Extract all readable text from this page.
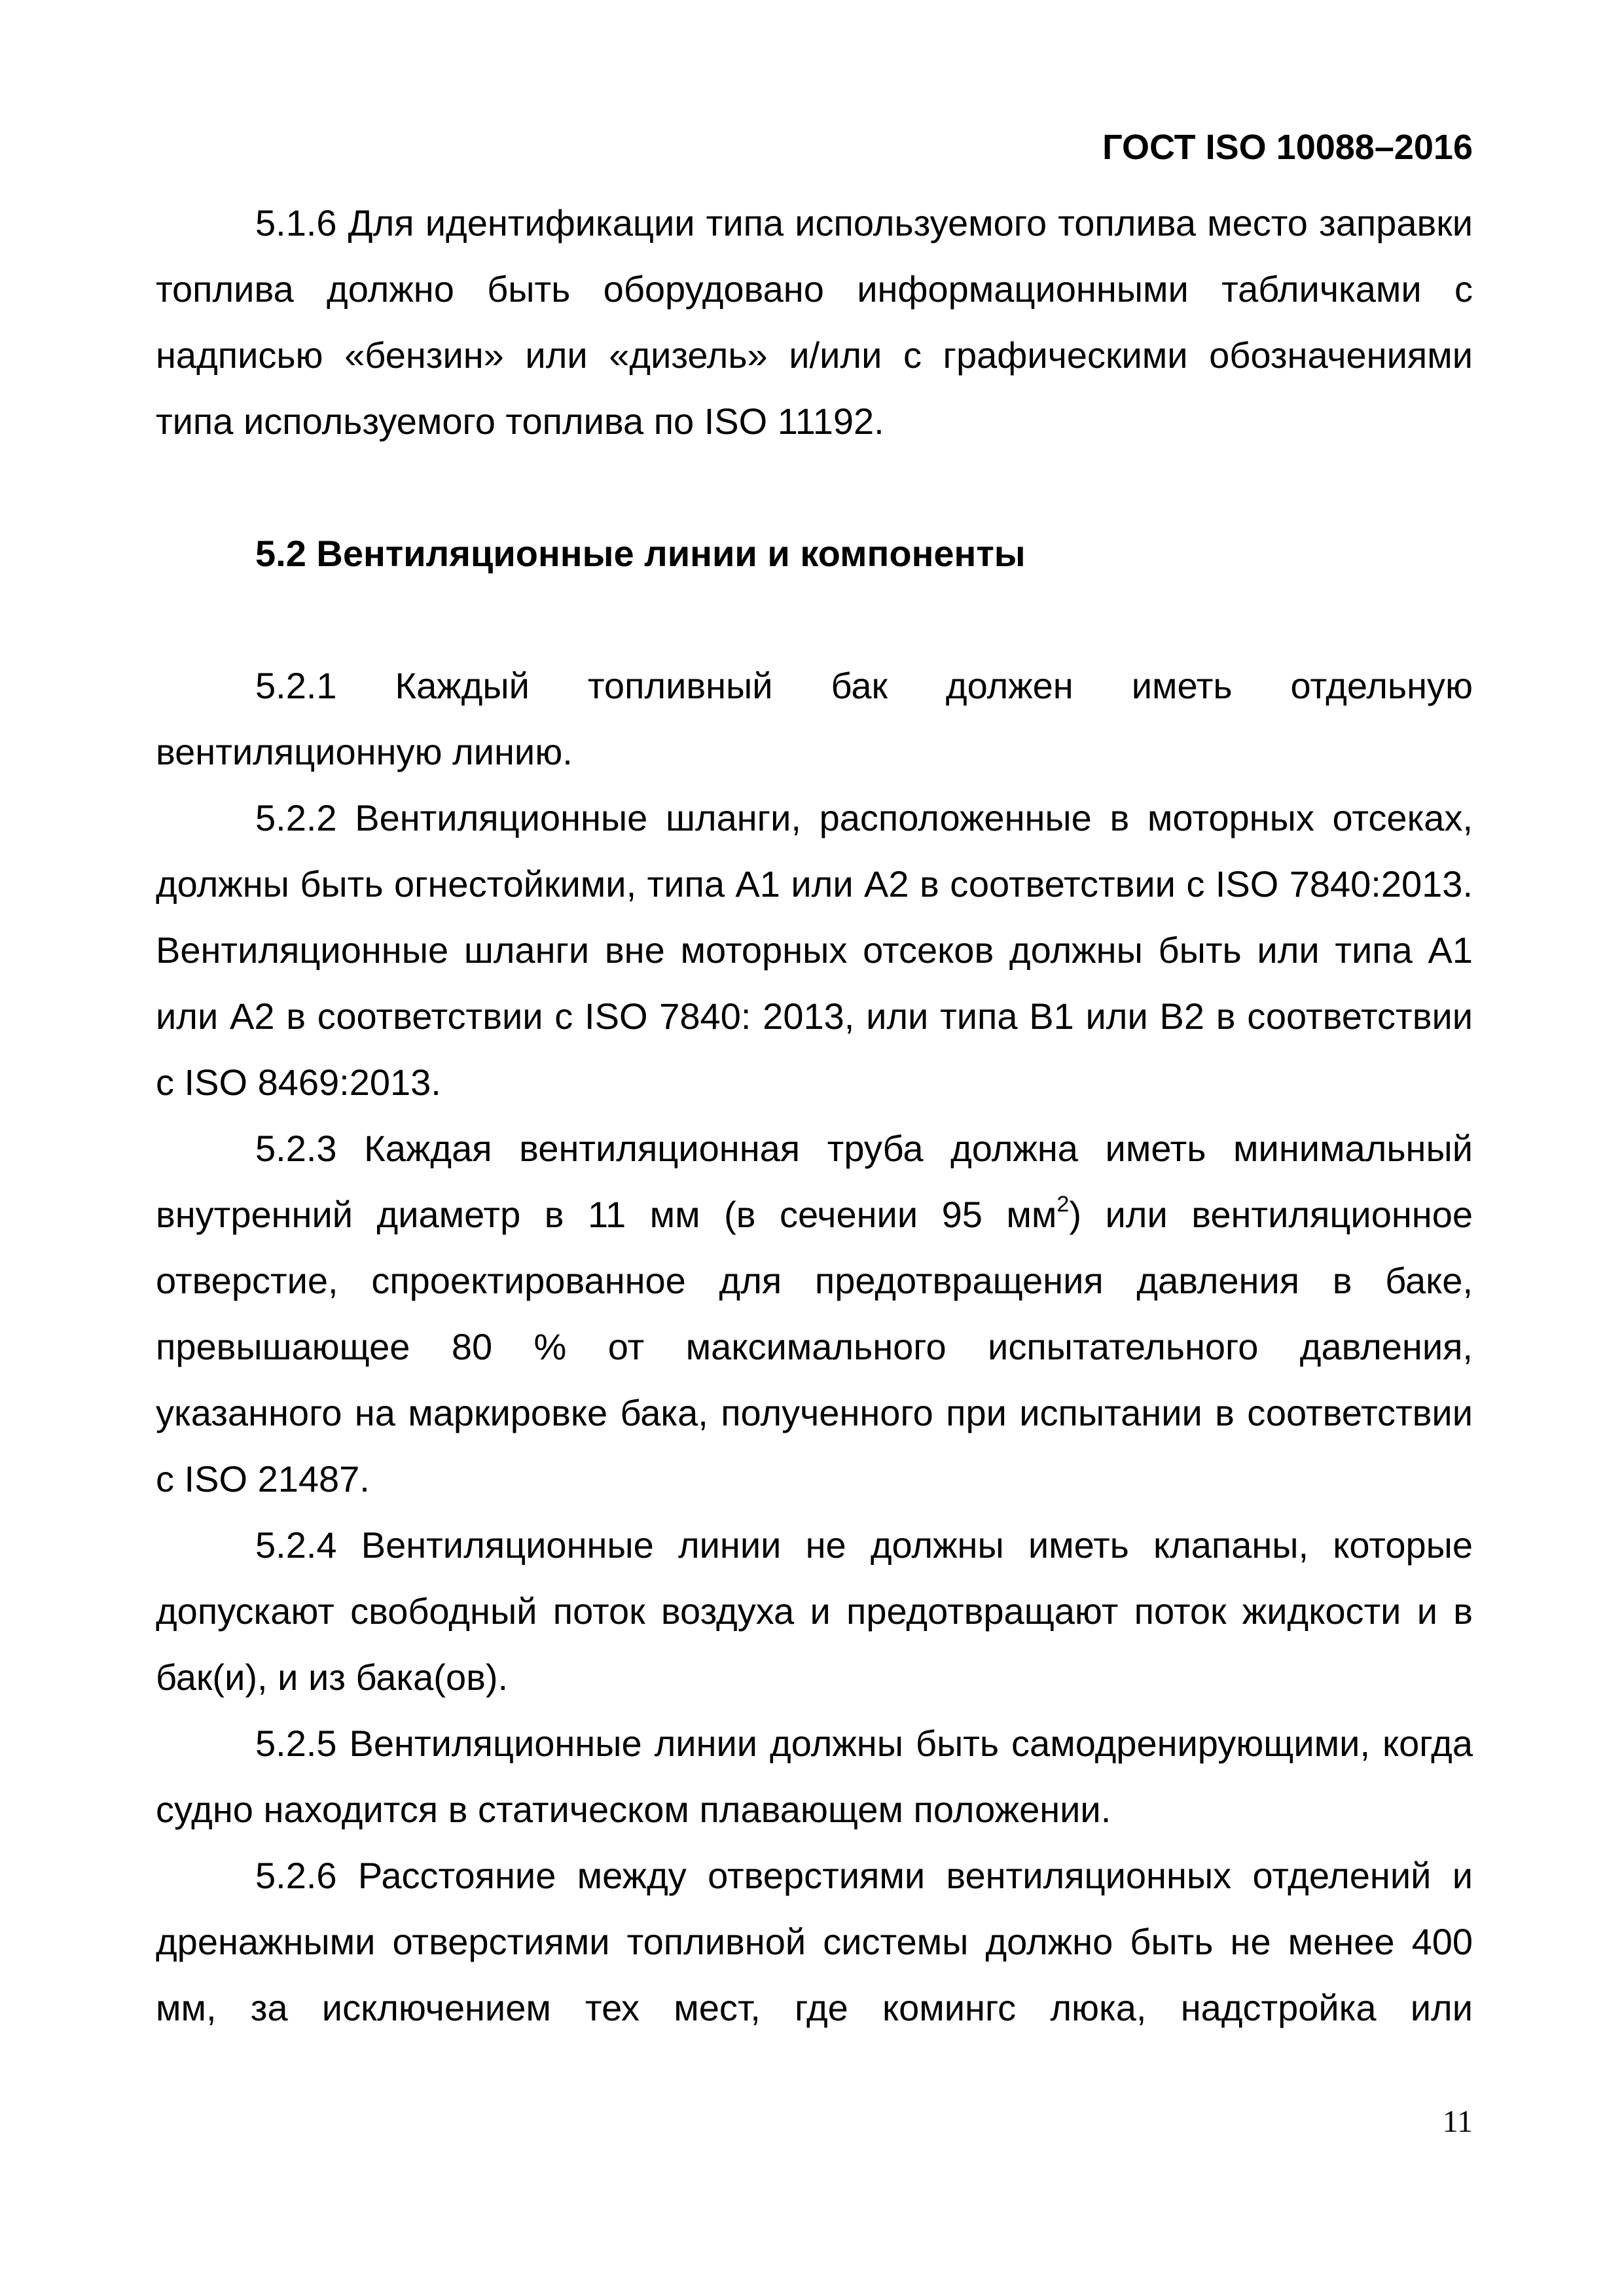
ГОСТ ISO 10088–2016

5.1.6 Для идентификации типа используемого топлива место заправки топлива должно быть оборудовано информационными табличками с надписью «бензин» или «дизель» и/или с графическими обозначениями типа используемого топлива по ISO 11192.

5.2 Вентиляционные линии и компоненты

5.2.1 Каждый топливный бак должен иметь отдельную вентиляционную линию.

5.2.2 Вентиляционные шланги, расположенные в моторных отсеках, должны быть огнестойкими, типа А1 или А2 в соответствии с ISO 7840:2013. Вентиляционные шланги вне моторных отсеков должны быть или типа А1 или А2 в соответствии с ISO 7840: 2013, или типа В1 или В2 в соответствии с ISO 8469:2013.

5.2.3 Каждая вентиляционная труба должна иметь минимальный внутренний диаметр в 11 мм (в сечении 95 $мм^2$) или вентиляционное отверстие, спроектированное для предотвращения давления в баке, превышающее 80 % от максимального испытательного давления, указанного на маркировке бака, полученного при испытании в соответствии с ISO 21487.

5.2.4 Вентиляционные линии не должны иметь клапаны, которые допускают свободный поток воздуха и предотвращают поток жидкости и в бак(и), и из бака(ов).

5.2.5 Вентиляционные линии должны быть самодренирующими, когда судно находится в статическом плавающем положении.

5.2.6 Расстояние между отверстиями вентиляционных отделений и дренажными отверстиями топливной системы должно быть не менее 400 мм, за исключением тех мест, где комингс люка, надстройка или

11
